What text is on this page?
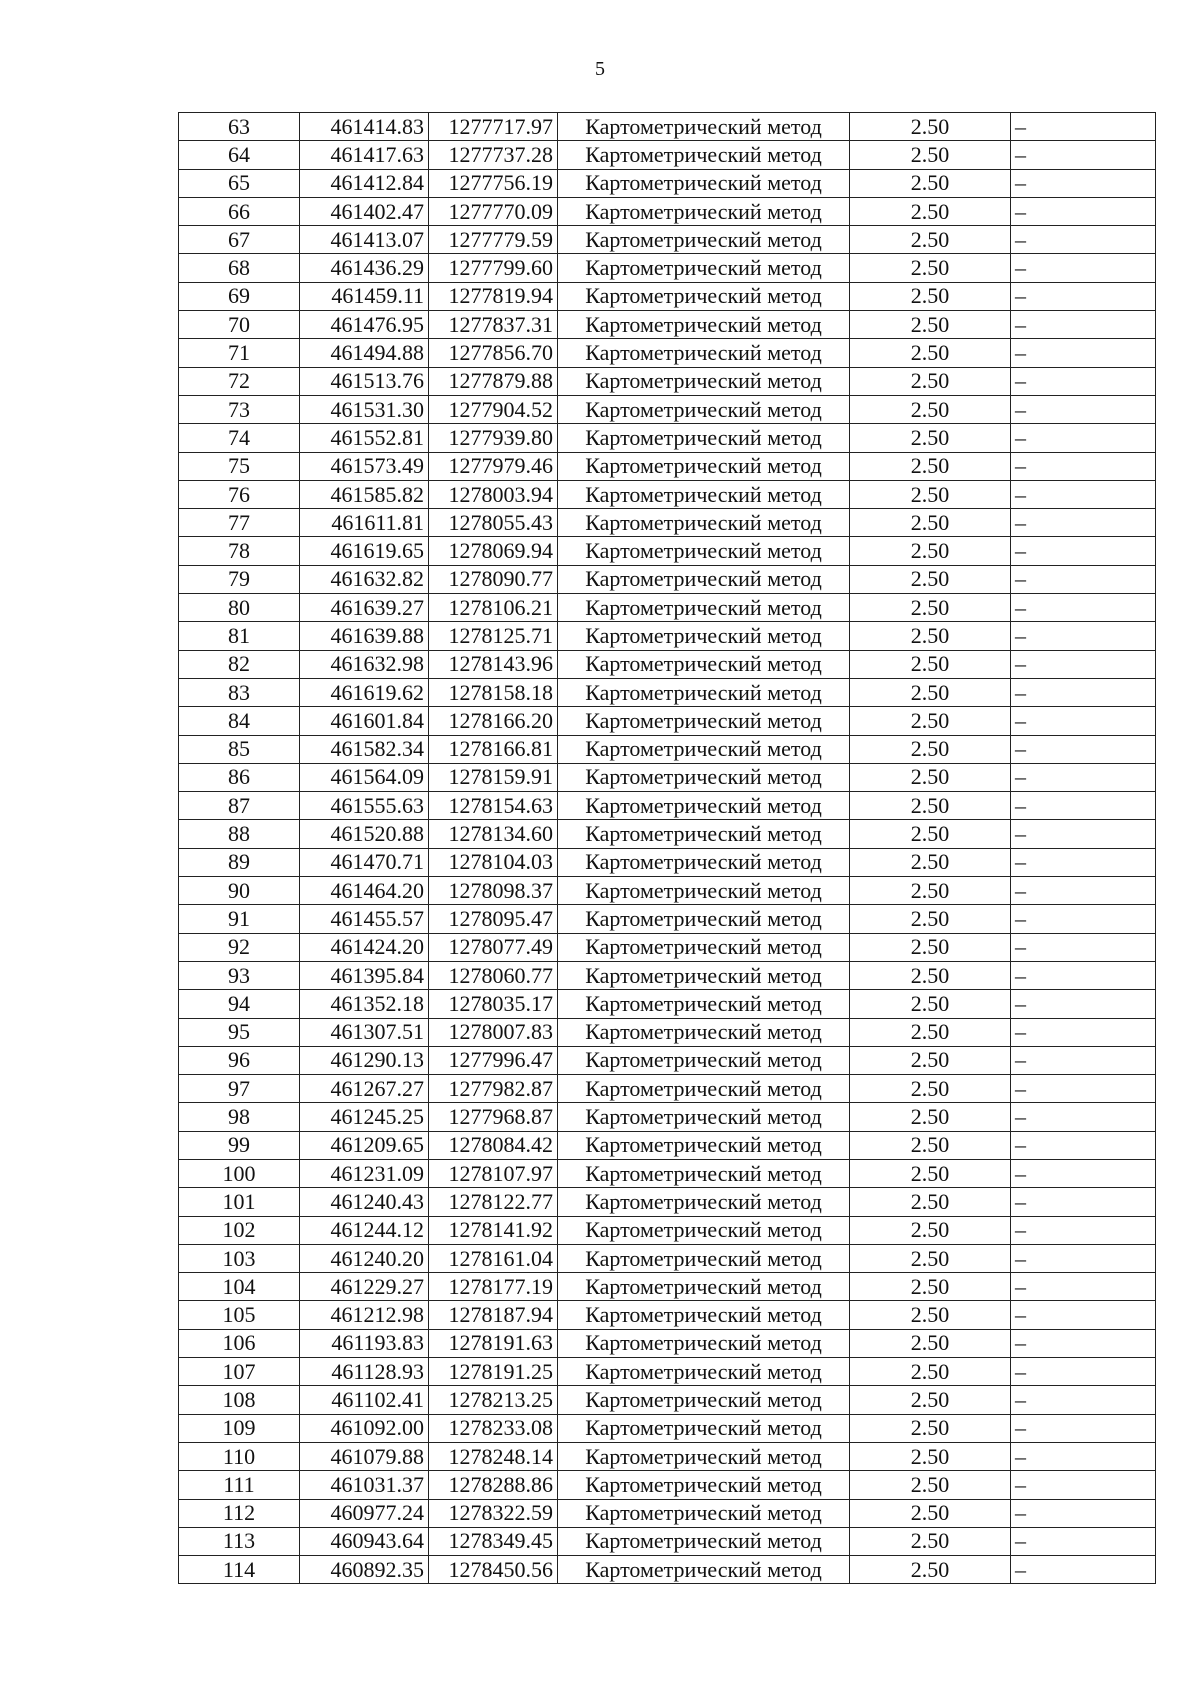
5
63	461414.83	1277717.97	Картометрический метод	2.50	–
64	461417.63	1277737.28	Картометрический метод	2.50	–
65	461412.84	1277756.19	Картометрический метод	2.50	–
66	461402.47	1277770.09	Картометрический метод	2.50	–
67	461413.07	1277779.59	Картометрический метод	2.50	–
68	461436.29	1277799.60	Картометрический метод	2.50	–
69	461459.11	1277819.94	Картометрический метод	2.50	–
70	461476.95	1277837.31	Картометрический метод	2.50	–
71	461494.88	1277856.70	Картометрический метод	2.50	–
72	461513.76	1277879.88	Картометрический метод	2.50	–
73	461531.30	1277904.52	Картометрический метод	2.50	–
74	461552.81	1277939.80	Картометрический метод	2.50	–
75	461573.49	1277979.46	Картометрический метод	2.50	–
76	461585.82	1278003.94	Картометрический метод	2.50	–
77	461611.81	1278055.43	Картометрический метод	2.50	–
78	461619.65	1278069.94	Картометрический метод	2.50	–
79	461632.82	1278090.77	Картометрический метод	2.50	–
80	461639.27	1278106.21	Картометрический метод	2.50	–
81	461639.88	1278125.71	Картометрический метод	2.50	–
82	461632.98	1278143.96	Картометрический метод	2.50	–
83	461619.62	1278158.18	Картометрический метод	2.50	–
84	461601.84	1278166.20	Картометрический метод	2.50	–
85	461582.34	1278166.81	Картометрический метод	2.50	–
86	461564.09	1278159.91	Картометрический метод	2.50	–
87	461555.63	1278154.63	Картометрический метод	2.50	–
88	461520.88	1278134.60	Картометрический метод	2.50	–
89	461470.71	1278104.03	Картометрический метод	2.50	–
90	461464.20	1278098.37	Картометрический метод	2.50	–
91	461455.57	1278095.47	Картометрический метод	2.50	–
92	461424.20	1278077.49	Картометрический метод	2.50	–
93	461395.84	1278060.77	Картометрический метод	2.50	–
94	461352.18	1278035.17	Картометрический метод	2.50	–
95	461307.51	1278007.83	Картометрический метод	2.50	–
96	461290.13	1277996.47	Картометрический метод	2.50	–
97	461267.27	1277982.87	Картометрический метод	2.50	–
98	461245.25	1277968.87	Картометрический метод	2.50	–
99	461209.65	1278084.42	Картометрический метод	2.50	–
100	461231.09	1278107.97	Картометрический метод	2.50	–
101	461240.43	1278122.77	Картометрический метод	2.50	–
102	461244.12	1278141.92	Картометрический метод	2.50	–
103	461240.20	1278161.04	Картометрический метод	2.50	–
104	461229.27	1278177.19	Картометрический метод	2.50	–
105	461212.98	1278187.94	Картометрический метод	2.50	–
106	461193.83	1278191.63	Картометрический метод	2.50	–
107	461128.93	1278191.25	Картометрический метод	2.50	–
108	461102.41	1278213.25	Картометрический метод	2.50	–
109	461092.00	1278233.08	Картометрический метод	2.50	–
110	461079.88	1278248.14	Картометрический метод	2.50	–
111	461031.37	1278288.86	Картометрический метод	2.50	–
112	460977.24	1278322.59	Картометрический метод	2.50	–
113	460943.64	1278349.45	Картометрический метод	2.50	–
114	460892.35	1278450.56	Картометрический метод	2.50	–
